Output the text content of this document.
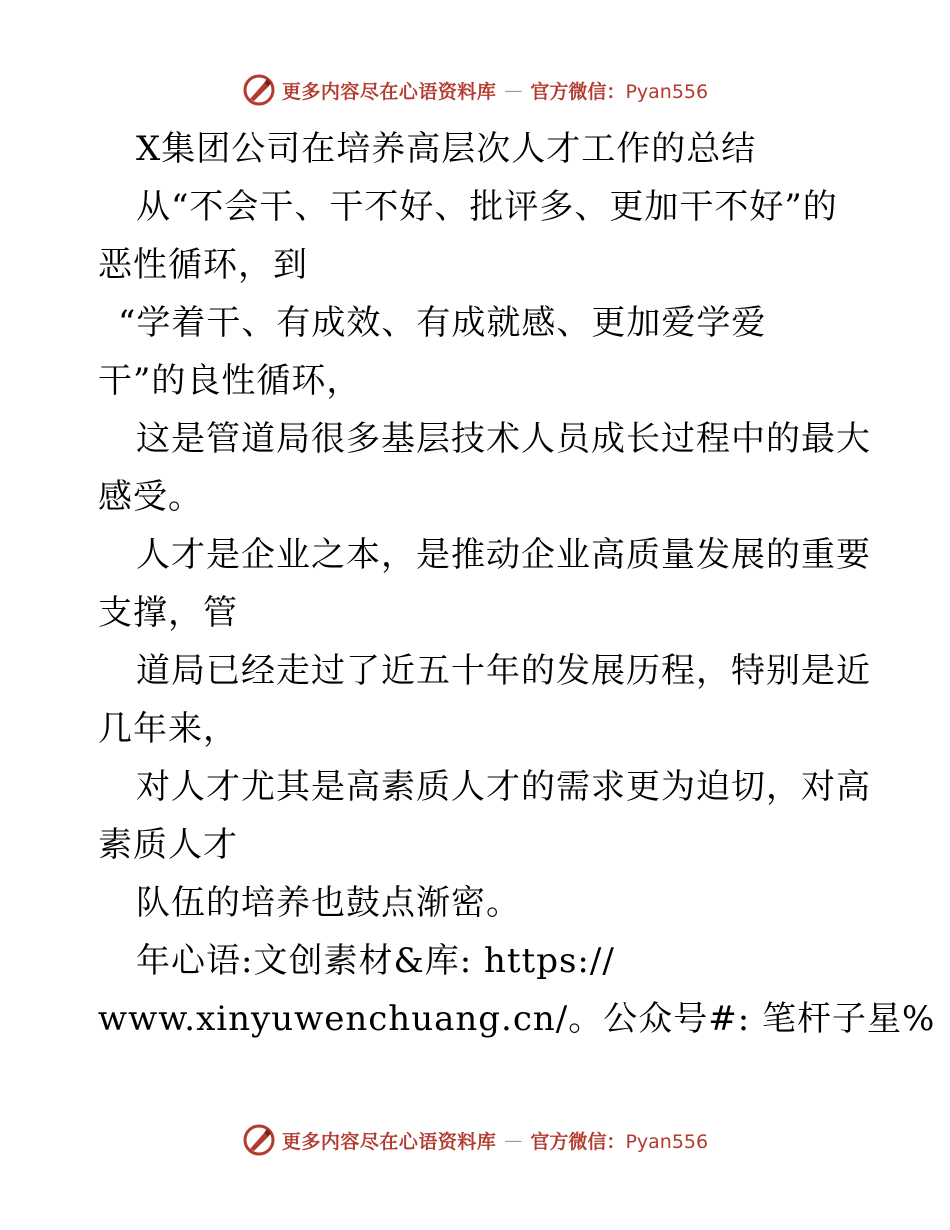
更多内容尽在心语资料库 — 官方微信：Pyan556
X集团公司在培养高层次人才工作的总结
从“不会干、干不好、批评多、更加干不好”的
恶性循环，到
“学着干、有成效、有成就感、更加爱学爱
干”的良性循环，
这是管道局很多基层技术人员成长过程中的最大
感受。
人才是企业之本，是推动企业高质量发展的重要
支撑，管
道局已经走过了近五十年的发展历程，特别是近
几年来，
对人才尤其是高素质人才的需求更为迫切，对高
素质人才
队伍的培养也鼓点渐密。
年心语:文创素材&库: https://
www.xinyuwenchuang.cn/。公众号#: 笔杆子星%
更多内容尽在心语资料库 — 官方微信：Pyan556
